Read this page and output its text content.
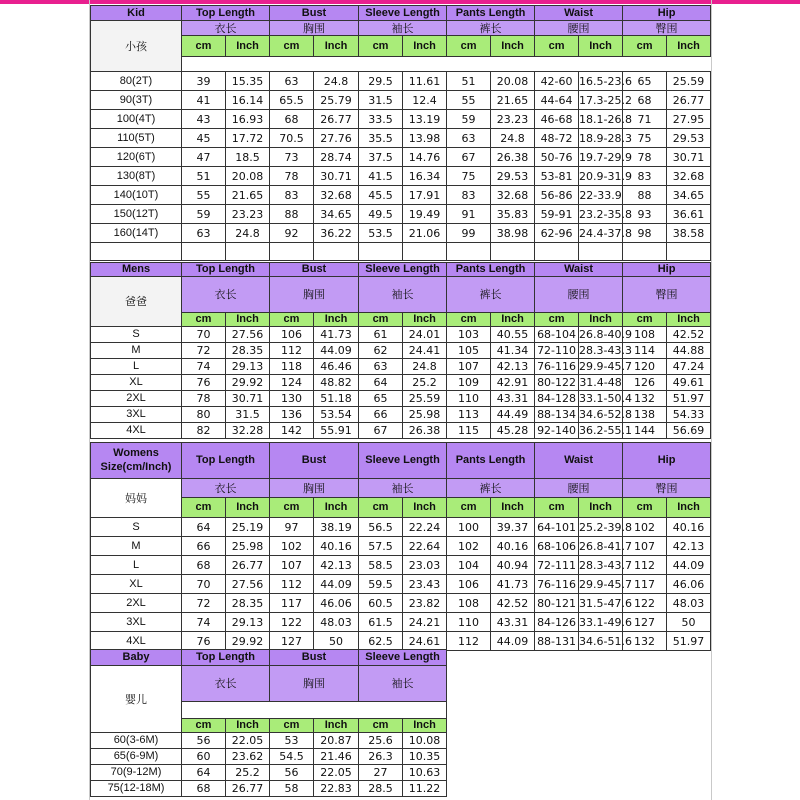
Kid	Top Length		Bust		Sleeve Length		Pants Length		Waist		Hip	
小孩	衣长		胸围		袖长		裤长		腰围		臀围	
	cm	Inch	cm	Inch	cm	Inch	cm	Inch	cm	Inch	cm	Inch

80(2T)	39	15.35	63	24.8	29.5	11.61	51	20.08	42-60	16.5-23.6	65	25.59
90(3T)	41	16.14	65.5	25.79	31.5	12.4	55	21.65	44-64	17.3-25.2	68	26.77
100(4T)	43	16.93	68	26.77	33.5	13.19	59	23.23	46-68	18.1-26.8	71	27.95
110(5T)	45	17.72	70.5	27.76	35.5	13.98	63	24.8	48-72	18.9-28.3	75	29.53
120(6T)	47	18.5	73	28.74	37.5	14.76	67	26.38	50-76	19.7-29.9	78	30.71
130(8T)	51	20.08	78	30.71	41.5	16.34	75	29.53	53-81	20.9-31.9	83	32.68
140(10T)	55	21.65	83	32.68	45.5	17.91	83	32.68	56-86	22-33.9	88	34.65
150(12T)	59	23.23	88	34.65	49.5	19.49	91	35.83	59-91	23.2-35.8	93	36.61
160(14T)	63	24.8	92	36.22	53.5	21.06	99	38.98	62-96	24.4-37.8	98	38.58

Mens	Top Length		Bust		Sleeve Length		Pants Length		Waist		Hip	
爸爸	衣长		胸围		袖长		裤长		腰围		臀围	
	cm	Inch	cm	Inch	cm	Inch	cm	Inch	cm	Inch	cm	Inch
S	70	27.56	106	41.73	61	24.01	103	40.55	68-104	26.8-40.9	108	42.52
M	72	28.35	112	44.09	62	24.41	105	41.34	72-110	28.3-43.3	114	44.88
L	74	29.13	118	46.46	63	24.8	107	42.13	76-116	29.9-45.7	120	47.24
XL	76	29.92	124	48.82	64	25.2	109	42.91	80-122	31.4-48	126	49.61
2XL	78	30.71	130	51.18	65	25.59	110	43.31	84-128	33.1-50.4	132	51.97
3XL	80	31.5	136	53.54	66	25.98	113	44.49	88-134	34.6-52.8	138	54.33
4XL	82	32.28	142	55.91	67	26.38	115	45.28	92-140	36.2-55.1	144	56.69
Womens
Size(cm/Inch)	Top Length		Bust		Sleeve Length		Pants Length		Waist		Hip	
妈妈	衣长		胸围		袖长		裤长		腰围		臀围	
	cm	Inch	cm	Inch	cm	Inch	cm	Inch	cm	Inch	cm	Inch
S	64	25.19	97	38.19	56.5	22.24	100	39.37	64-101	25.2-39.8	102	40.16
M	66	25.98	102	40.16	57.5	22.64	102	40.16	68-106	26.8-41.7	107	42.13
L	68	26.77	107	42.13	58.5	23.03	104	40.94	72-111	28.3-43.7	112	44.09
XL	70	27.56	112	44.09	59.5	23.43	106	41.73	76-116	29.9-45.7	117	46.06
2XL	72	28.35	117	46.06	60.5	23.82	108	42.52	80-121	31.5-47.6	122	48.03
3XL	74	29.13	122	48.03	61.5	24.21	110	43.31	84-126	33.1-49.6	127	50
4XL	76	29.92	127	50	62.5	24.61	112	44.09	88-131	34.6-51.6	132	51.97
Baby	Top Length		Bust		Sleeve Length	
婴儿	衣长		胸围		袖长	

	cm	Inch	cm	Inch	cm	Inch
60(3-6M)	56	22.05	53	20.87	25.6	10.08
65(6-9M)	60	23.62	54.5	21.46	26.3	10.35
70(9-12M)	64	25.2	56	22.05	27	10.63
75(12-18M)	68	26.77	58	22.83	28.5	11.22
